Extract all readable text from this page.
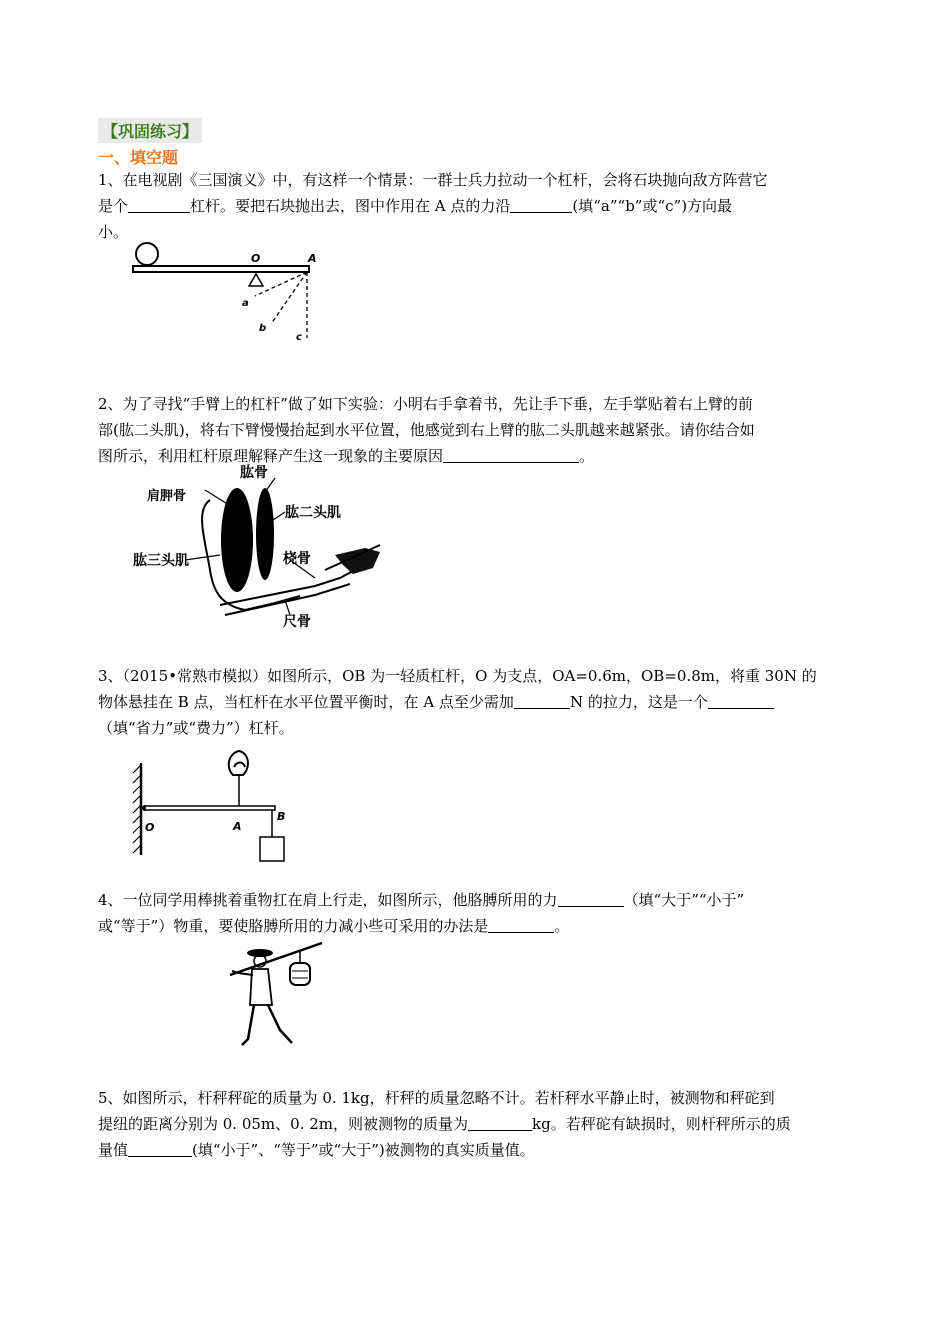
【巩固练习】
一、填空题
1、在电视剧《三国演义》中，有这样一个情景：一群士兵力拉动一个杠杆，会将石块抛向敌方阵营它
是个	杠杆。要把石块抛出去，图中作用在 A 点的力沿	(填“a”“b”或“c”)方向最
小。
O	A
a
b
c
2、为了寻找“手臂上的杠杆”做了如下实验：小明右手拿着书，先让手下垂，左手掌贴着右上臂的前
部(肱二头肌)，将右下臂慢慢抬起到水平位置，他感觉到右上臂的肱二头肌越来越紧张。请你结合如
图所示，利用杠杆原理解释产生这一现象的主要原因	。
肱骨
肩胛骨
肱二头肌
肱三头肌	桡骨
尺骨
3、（2015•常熟市模拟）如图所示，OB 为一轻质杠杆，O 为支点，OA=0.6m，OB=0.8m，将重 30N 的
物体悬挂在 B 点，当杠杆在水平位置平衡时，在 A 点至少需加	N 的拉力，这是一个
（填“省力”或“费力”）杠杆。
O	A
B
4、一位同学用棒挑着重物扛在肩上行走，如图所示，他胳膊所用的力	（填“大于”“小于”
或“等于”）物重，要使胳膊所用的力减小些可采用的办法是	。
5、如图所示，杆秤秤砣的质量为 0. 1kg，杆秤的质量忽略不计。若杆秤水平静止时，被测物和秤砣到
提纽的距离分别为 0. 05m、0. 2m，则被测物的质量为	kg。若秤砣有缺损时，则杆秤所示的质
量值	(填“小于”、“等于”或“大于”)被测物的真实质量值。
